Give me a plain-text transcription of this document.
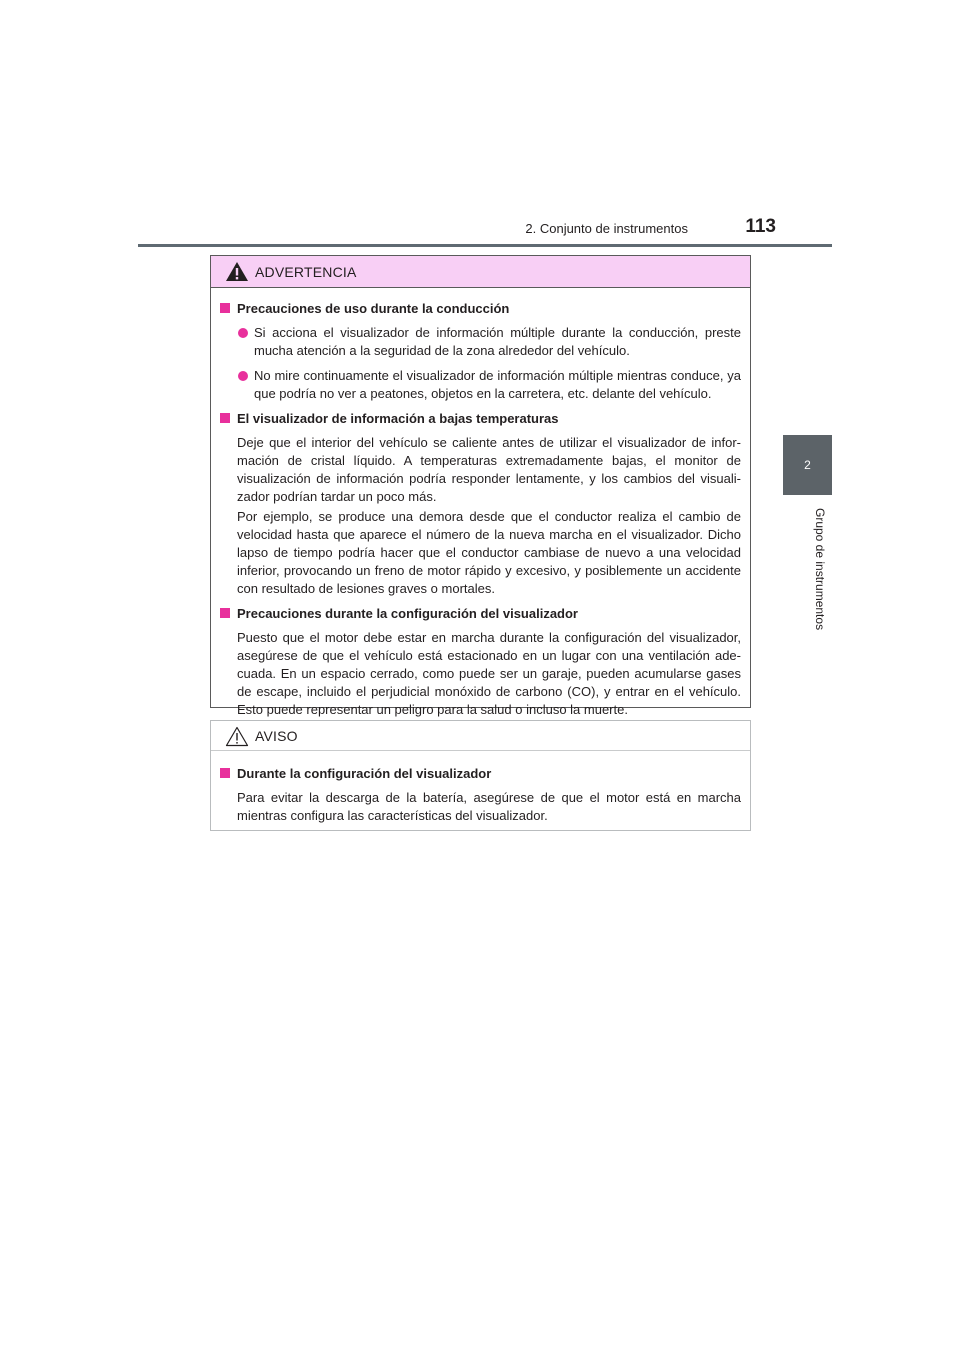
2. Conjunto de instrumentos	113
2
Grupo de instrumentos
ADVERTENCIA
Precauciones de uso durante la conducción
Si acciona el visualizador de información múltiple durante la conducción, preste mucha atención a la seguridad de la zona alrededor del vehículo.
No mire continuamente el visualizador de información múltiple mientras conduce, ya que podría no ver a peatones, objetos en la carretera, etc. delante del vehículo.
El visualizador de información a bajas temperaturas

Deje que el interior del vehículo se caliente antes de utilizar el visualizador de infor-mación de cristal líquido. A temperaturas extremadamente bajas, el monitor de visualización de información podría responder lentamente, y los cambios del visuali-zador podrían tardar un poco más.

Por ejemplo, se produce una demora desde que el conductor realiza el cambio de velocidad hasta que aparece el número de la nueva marcha en el visualizador. Dicho lapso de tiempo podría hacer que el conductor cambiase de nuevo a una velocidad inferior, provocando un freno de motor rápido y excesivo, y posiblemente un accidente con resultado de lesiones graves o mortales.

Precauciones durante la configuración del visualizador

Puesto que el motor debe estar en marcha durante la configuración del visualizador, asegúrese de que el vehículo está estacionado en un lugar con una ventilación ade-cuada. En un espacio cerrado, como puede ser un garaje, pueden acumularse gases de escape, incluido el perjudicial monóxido de carbono (CO), y entrar en el vehículo. Esto puede representar un peligro para la salud o incluso la muerte.

AVISO
Durante la configuración del visualizador

Para evitar la descarga de la batería, asegúrese de que el motor está en marcha mientras configura las características del visualizador.
